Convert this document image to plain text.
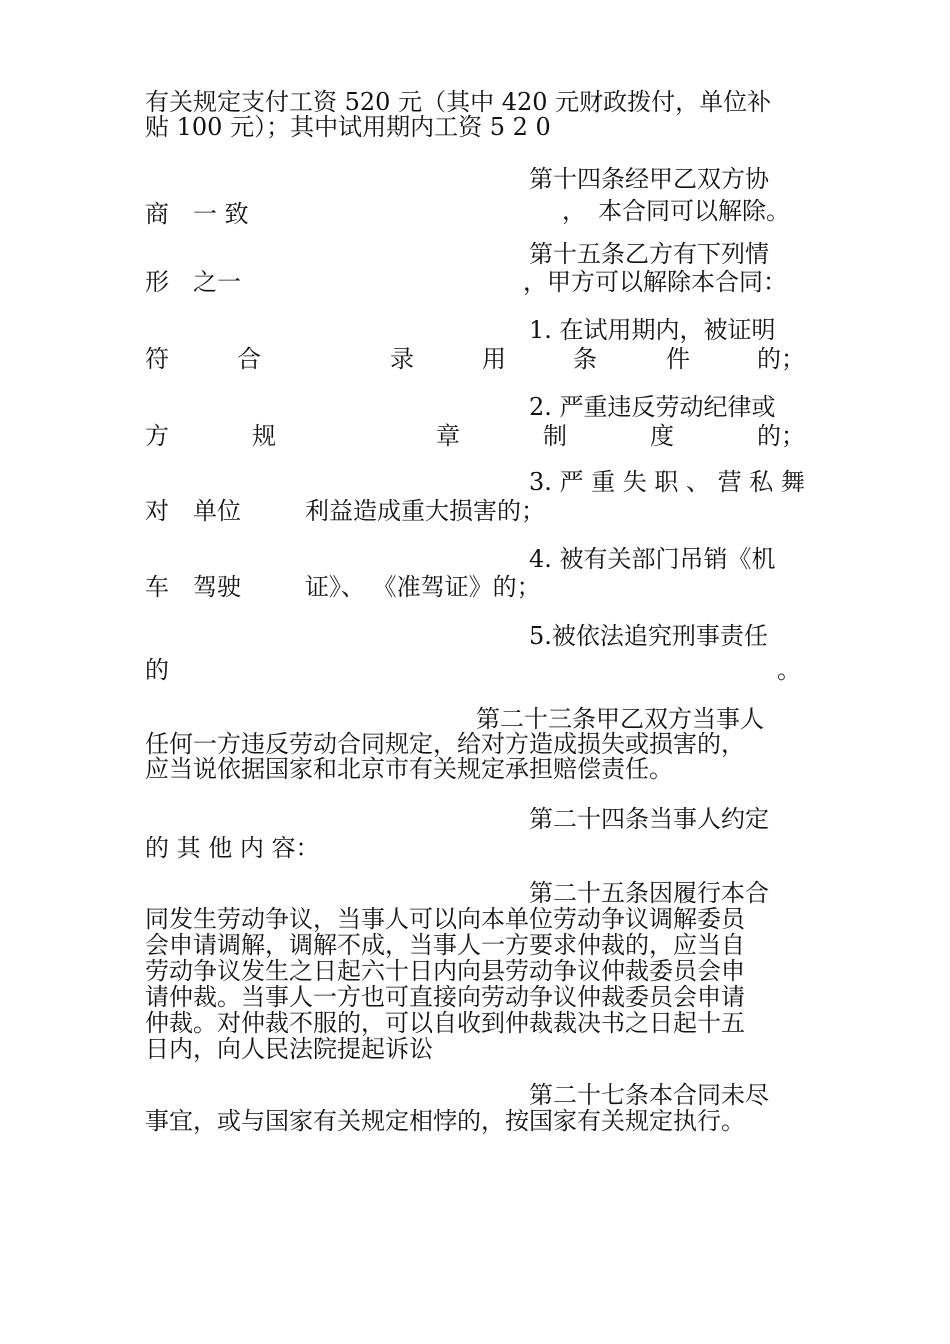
有关规定支付工资 520 元（其中 420 元财政拨付，单位补
贴 100 元）；其中试用期内工资 5 2 0
第十四条经甲乙双方协
商　一 致	，　本合同可以解除。
第十五条乙方有下列情
形　之一	，甲方可以解除本合同：
1. 在试用期内，被证明
符	合	录	用	条	件	的；
2. 严重违反劳动纪律或
方	规	章	制	度	的；
3. 严 重 失 职 、 营 私 舞
对　单位	利益造成重大损害的；
4. 被有关部门吊销《机
车　驾驶	证》、 《准驾证》的；
5.被依法追究刑事责任
的	。
第二十三条甲乙双方当事人
任何一方违反劳动合同规定，给对方造成损失或损害的，
应当说依据国家和北京市有关规定承担赔偿责任。
第二十四条当事人约定
的 其 他 内 容：
第二十五条因履行本合
同发生劳动争议，当事人可以向本单位劳动争议调解委员
会申请调解，调解不成，当事人一方要求仲裁的，应当自
劳动争议发生之日起六十日内向县劳动争议仲裁委员会申
请仲裁。当事人一方也可直接向劳动争议仲裁委员会申请
仲裁。对仲裁不服的，可以自收到仲裁裁决书之日起十五
日内，向人民法院提起诉讼
第二十七条本合同未尽
事宜，或与国家有关规定相悖的，按国家有关规定执行。
